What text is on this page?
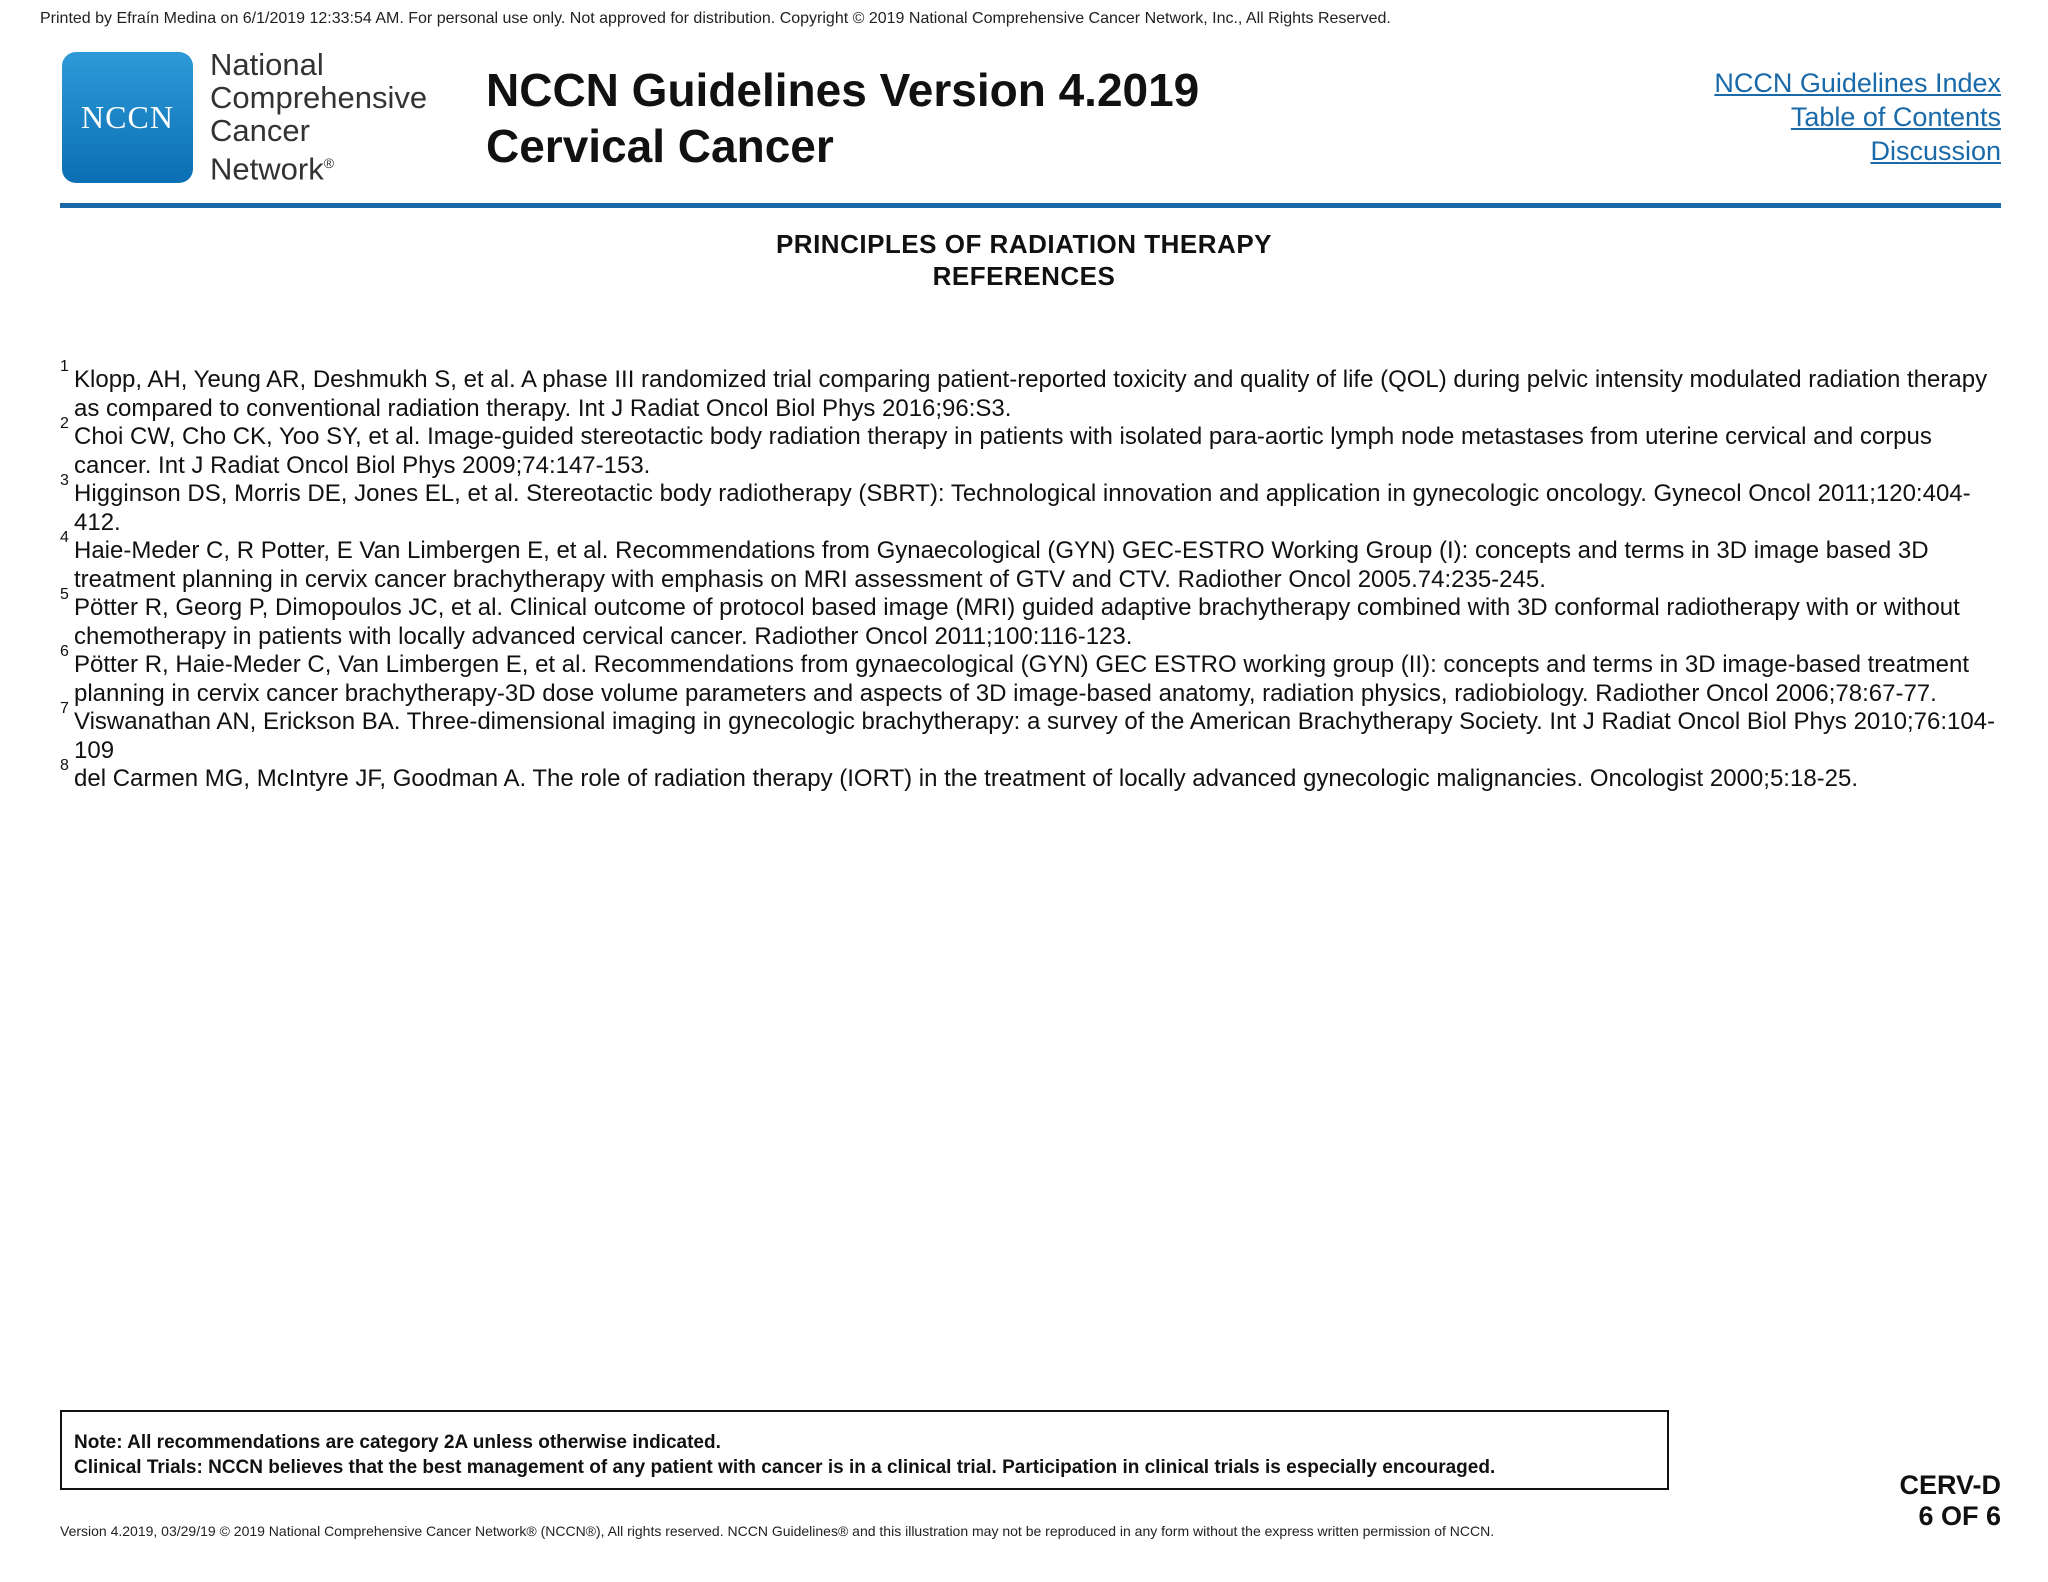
Printed by Efraín Medina on 6/1/2019 12:33:54 AM. For personal use only. Not approved for distribution. Copyright © 2019 National Comprehensive Cancer Network, Inc., All Rights Reserved.
NCCN
National
Comprehensive
Cancer
Network®
NCCN Guidelines Version 4.2019
Cervical Cancer
NCCN Guidelines Index
Table of Contents
Discussion
PRINCIPLES OF RADIATION THERAPY
REFERENCES
1 Klopp, AH, Yeung AR, Deshmukh S, et al. A phase III randomized trial comparing patient-reported toxicity and quality of life (QOL) during pelvic intensity modulated radiation therapy as compared to conventional radiation therapy. Int J Radiat Oncol Biol Phys 2016;96:S3.
2 Choi CW, Cho CK, Yoo SY, et al. Image-guided stereotactic body radiation therapy in patients with isolated para-aortic lymph node metastases from uterine cervical and corpus cancer. Int J Radiat Oncol Biol Phys 2009;74:147-153.
3 Higginson DS, Morris DE, Jones EL, et al. Stereotactic body radiotherapy (SBRT): Technological innovation and application in gynecologic oncology. Gynecol Oncol 2011;120:404-412.
4 Haie-Meder C, R Potter, E Van Limbergen E, et al. Recommendations from Gynaecological (GYN) GEC-ESTRO Working Group (I): concepts and terms in 3D image based 3D treatment planning in cervix cancer brachytherapy with emphasis on MRI assessment of GTV and CTV. Radiother Oncol 2005.74:235-245.
5 Pötter R, Georg P, Dimopoulos JC, et al. Clinical outcome of protocol based image (MRI) guided adaptive brachytherapy combined with 3D conformal radiotherapy with or without chemotherapy in patients with locally advanced cervical cancer. Radiother Oncol 2011;100:116-123.
6 Pötter R, Haie-Meder C, Van Limbergen E, et al. Recommendations from gynaecological (GYN) GEC ESTRO working group (II): concepts and terms in 3D image-based treatment planning in cervix cancer brachytherapy-3D dose volume parameters and aspects of 3D image-based anatomy, radiation physics, radiobiology. Radiother Oncol 2006;78:67-77.
7 Viswanathan AN, Erickson BA. Three-dimensional imaging in gynecologic brachytherapy: a survey of the American Brachytherapy Society. Int J Radiat Oncol Biol Phys 2010;76:104-109
8 del Carmen MG, McIntyre JF, Goodman A. The role of radiation therapy (IORT) in the treatment of locally advanced gynecologic malignancies. Oncologist 2000;5:18-25.
Note: All recommendations are category 2A unless otherwise indicated.
Clinical Trials: NCCN believes that the best management of any patient with cancer is in a clinical trial. Participation in clinical trials is especially encouraged.
CERV-D
6 OF 6
Version 4.2019, 03/29/19 © 2019 National Comprehensive Cancer Network® (NCCN®), All rights reserved. NCCN Guidelines® and this illustration may not be reproduced in any form without the express written permission of NCCN.
